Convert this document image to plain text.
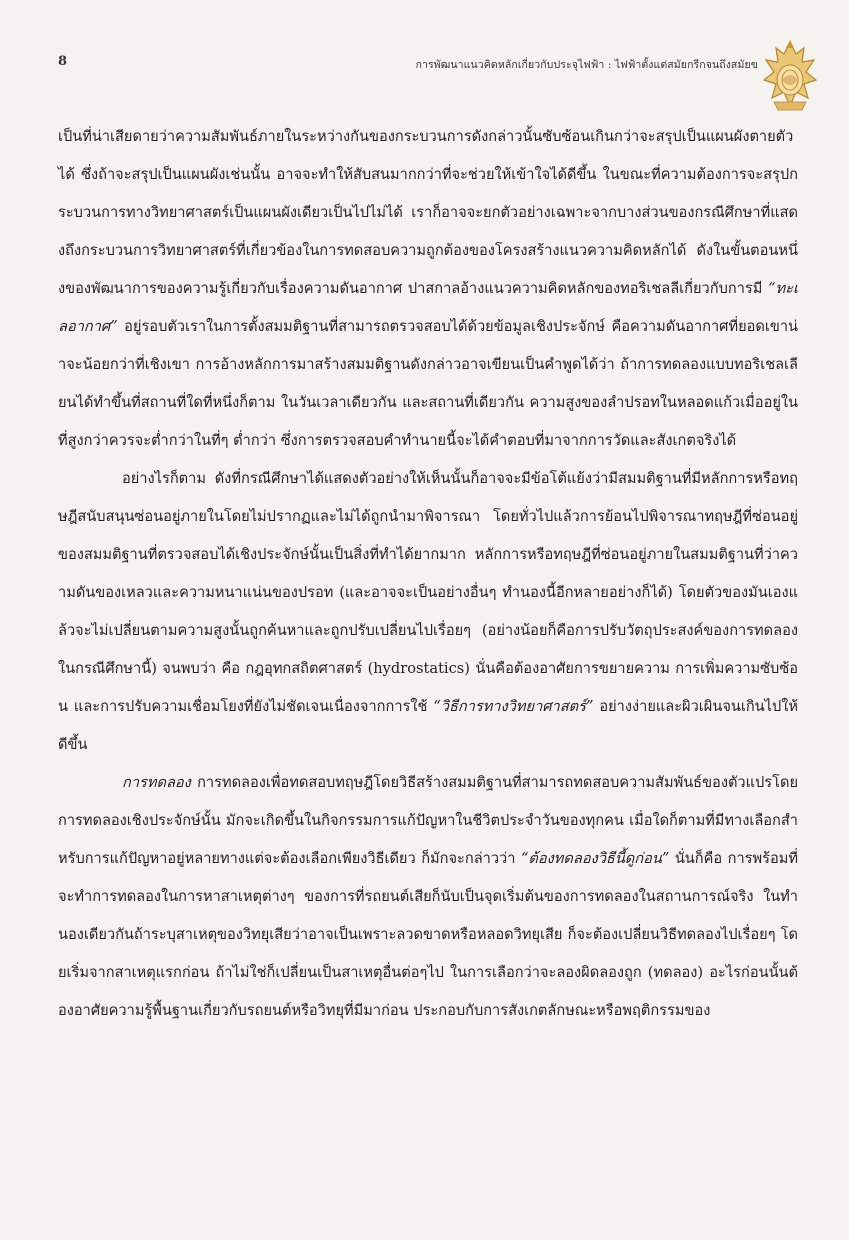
8	การพัฒนาแนวคิดหลักเกี่ยวกับประจุไฟฟ้า : ไฟฟ้าตั้งแต่สมัยกรีกจนถึงสมัยข

เป็นที่น่าเสียดายว่าความสัมพันธ์ภายในระหว่างกันของกระบวนการดังกล่าวนั้นซับซ้อนเกินกว่าจะสรุปเป็นแผนผังตายตัวได้ ซึ่งถ้าจะสรุปเป็นแผนผังเช่นนั้น อาจจะทำให้สับสนมากกว่าที่จะช่วยให้เข้าใจได้ดีขึ้น ในขณะที่ความต้องการจะสรุปกระบวนการทางวิทยาศาสตร์เป็นแผนผังเดียวเป็นไปไม่ได้ เราก็อาจจะยกตัวอย่างเฉพาะจากบางส่วนของกรณีศึกษาที่แสดงถึงกระบวนการวิทยาศาสตร์ที่เกี่ยวข้องในการทดสอบความถูกต้องของโครงสร้างแนวความคิดหลักได้ ดังในขั้นตอนหนึ่งของพัฒนาการของความรู้เกี่ยวกับเรื่องความดันอากาศ ปาสกาลอ้างแนวความคิดหลักของทอริเชลลีเกี่ยวกับการมี “ทะเลอากาศ” อยู่รอบตัวเราในการตั้งสมมติฐานที่สามารถตรวจสอบได้ด้วยข้อมูลเชิงประจักษ์ คือความดันอากาศที่ยอดเขาน่าจะน้อยกว่าที่เชิงเขา การอ้างหลักการมาสร้างสมมติฐานดังกล่าวอาจเขียนเป็นคำพูดได้ว่า ถ้าการทดลองแบบทอริเชลเลียนได้ทำขึ้นที่สถานที่ใดที่หนึ่งก็ตาม ในวันเวลาเดียวกัน และสถานที่เดียวกัน ความสูงของลำปรอทในหลอดแก้วเมื่ออยู่ในที่สูงกว่าควรจะต่ำกว่าในที่ๆ ต่ำกว่า ซึ่งการตรวจสอบคำทำนายนี้จะได้คำตอบที่มาจากการวัดและสังเกตจริงได้

อย่างไรก็ตาม ดังที่กรณีศึกษาได้แสดงตัวอย่างให้เห็นนั้นก็อาจจะมีข้อโต้แย้งว่ามีสมมติฐานที่มีหลักการหรือทฤษฎีสนับสนุนซ่อนอยู่ภายในโดยไม่ปรากฏและไม่ได้ถูกนำมาพิจารณา โดยทั่วไปแล้วการย้อนไปพิจารณาทฤษฎีที่ซ่อนอยู่ของสมมติฐานที่ตรวจสอบได้เชิงประจักษ์นั้นเป็นสิ่งที่ทำได้ยากมาก หลักการหรือทฤษฎีที่ซ่อนอยู่ภายในสมมติฐานที่ว่าความดันของเหลวและความหนาแน่นของปรอท (และอาจจะเป็นอย่างอื่นๆ ทำนองนี้อีกหลายอย่างก็ได้) โดยตัวของมันเองแล้วจะไม่เปลี่ยนตามความสูงนั้นถูกค้นหาและถูกปรับเปลี่ยนไปเรื่อยๆ (อย่างน้อยก็คือการปรับวัตถุประสงค์ของการทดลองในกรณีศึกษานี้) จนพบว่า คือ กฎอุทกสถิตศาสตร์ (hydrostatics) นั่นคือต้องอาศัยการขยายความ การเพิ่มความซับซ้อน และการปรับความเชื่อมโยงที่ยังไม่ชัดเจนเนื่องจากการใช้ “วิธีการทางวิทยาศาสตร์” อย่างง่ายและผิวเผินจนเกินไปให้ดีขึ้น

การทดลอง การทดลองเพื่อทดสอบทฤษฎีโดยวิธีสร้างสมมติฐานที่สามารถทดสอบความสัมพันธ์ของตัวแปรโดยการทดลองเชิงประจักษ์นั้น มักจะเกิดขึ้นในกิจกรรมการแก้ปัญหาในชีวิตประจำวันของทุกคน เมื่อใดก็ตามที่มีทางเลือกสำหรับการแก้ปัญหาอยู่หลายทางแต่จะต้องเลือกเพียงวิธีเดียว ก็มักจะกล่าวว่า “ต้องทดลองวิธีนี้ดูก่อน” นั่นก็คือ การพร้อมที่จะทำการทดลองในการหาสาเหตุต่างๆ ของการที่รถยนต์เสียก็นับเป็นจุดเริ่มต้นของการทดลองในสถานการณ์จริง ในทำนองเดียวกันถ้าระบุสาเหตุของวิทยุเสียว่าอาจเป็นเพราะลวดขาดหรือหลอดวิทยุเสีย ก็จะต้องเปลี่ยนวิธีทดลองไปเรื่อยๆ โดยเริ่มจากสาเหตุแรกก่อน ถ้าไม่ใช่ก็เปลี่ยนเป็นสาเหตุอื่นต่อๆไป ในการเลือกว่าจะลองผิดลองถูก (ทดลอง) อะไรก่อนนั้นต้องอาศัยความรู้พื้นฐานเกี่ยวกับรถยนต์หรือวิทยุที่มีมาก่อน ประกอบกับการสังเกตลักษณะหรือพฤติกรรมของ
